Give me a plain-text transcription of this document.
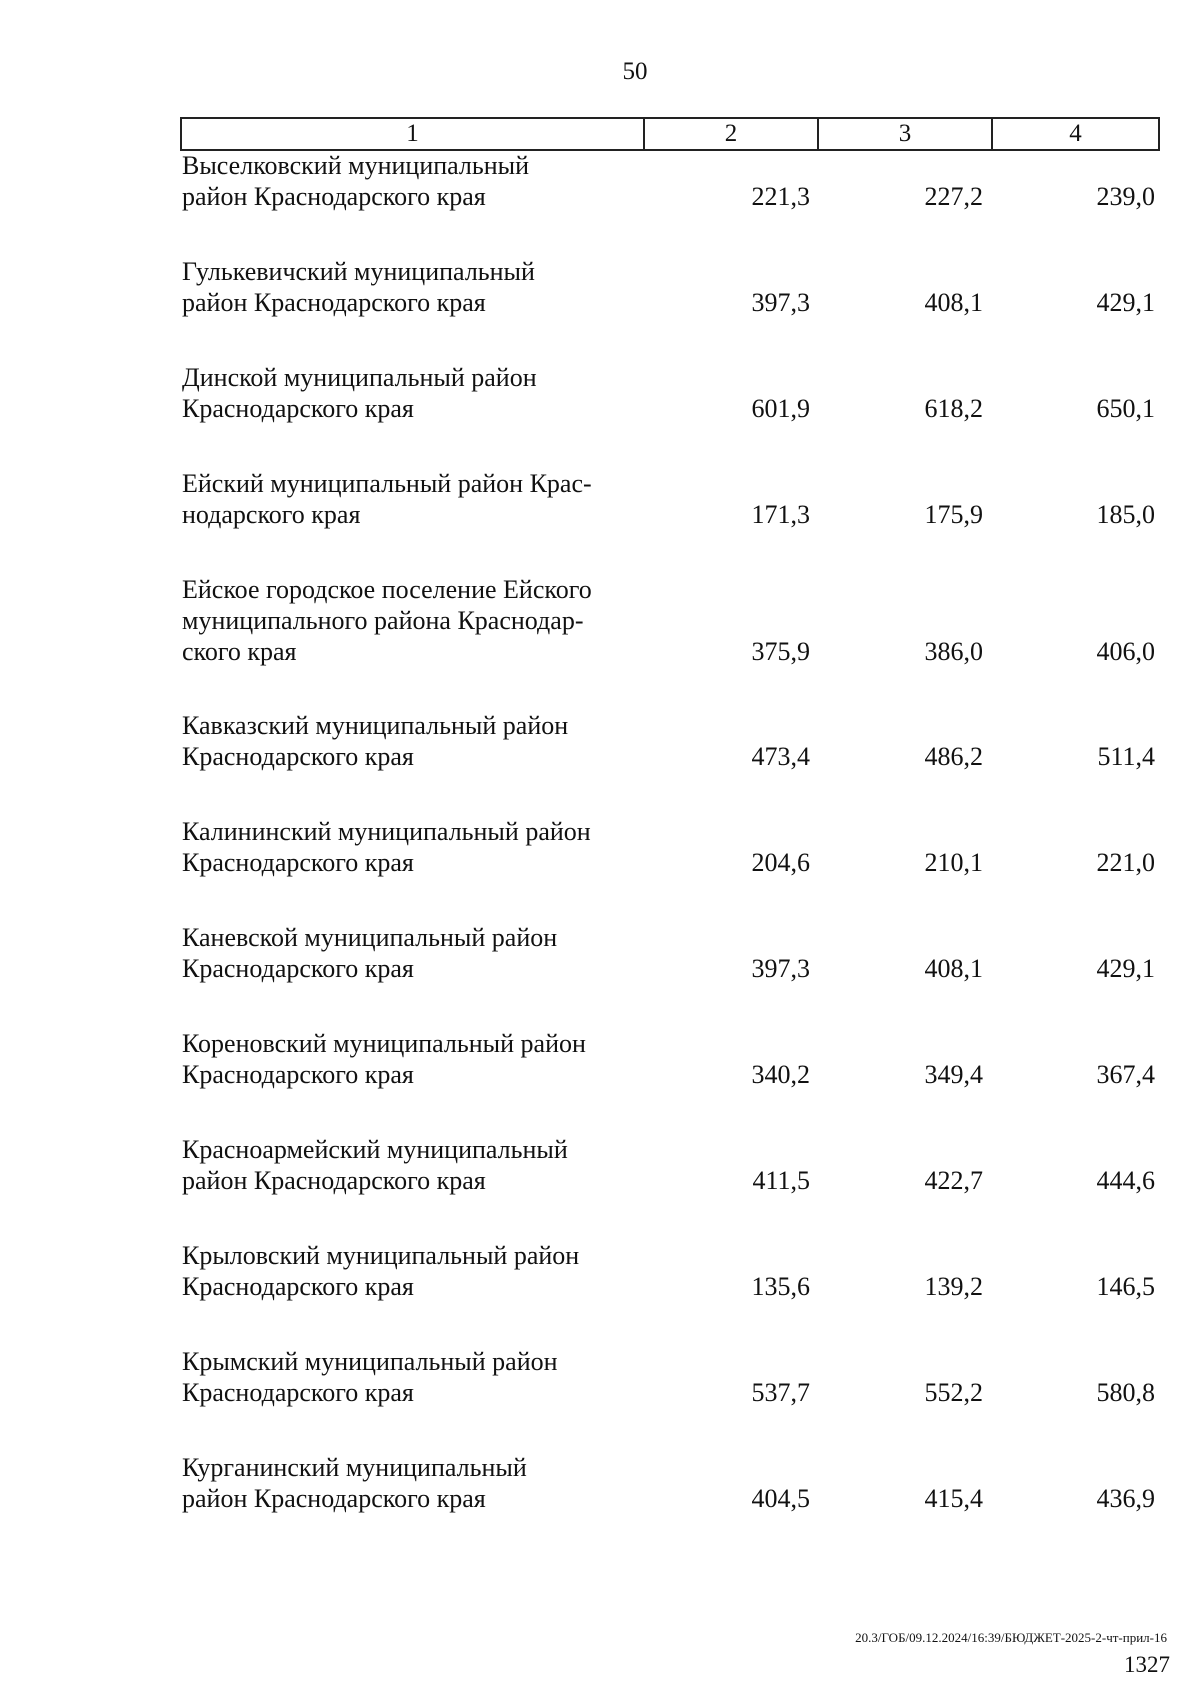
50
1	2	3	4
Выселковский муниципальный
район Краснодарского края	221,3	227,2	239,0
Гулькевичский муниципальный
район Краснодарского края	397,3	408,1	429,1
Динской муниципальный район
Краснодарского края	601,9	618,2	650,1
Ейский муниципальный район Крас-
нодарского края	171,3	175,9	185,0
Ейское городское поселение Ейского
муниципального района Краснодар-
ского края	375,9	386,0	406,0
Кавказский муниципальный район
Краснодарского края	473,4	486,2	511,4
Калининский муниципальный район
Краснодарского края	204,6	210,1	221,0
Каневской муниципальный район
Краснодарского края	397,3	408,1	429,1
Кореновский муниципальный район
Краснодарского края	340,2	349,4	367,4
Красноармейский муниципальный
район Краснодарского края	411,5	422,7	444,6
Крыловский муниципальный район
Краснодарского края	135,6	139,2	146,5
Крымский муниципальный район
Краснодарского края	537,7	552,2	580,8
Курганинский муниципальный
район Краснодарского края	404,5	415,4	436,9
20.3/ГОБ/09.12.2024/16:39/БЮДЖЕТ-2025-2-чт-прил-16
1327
